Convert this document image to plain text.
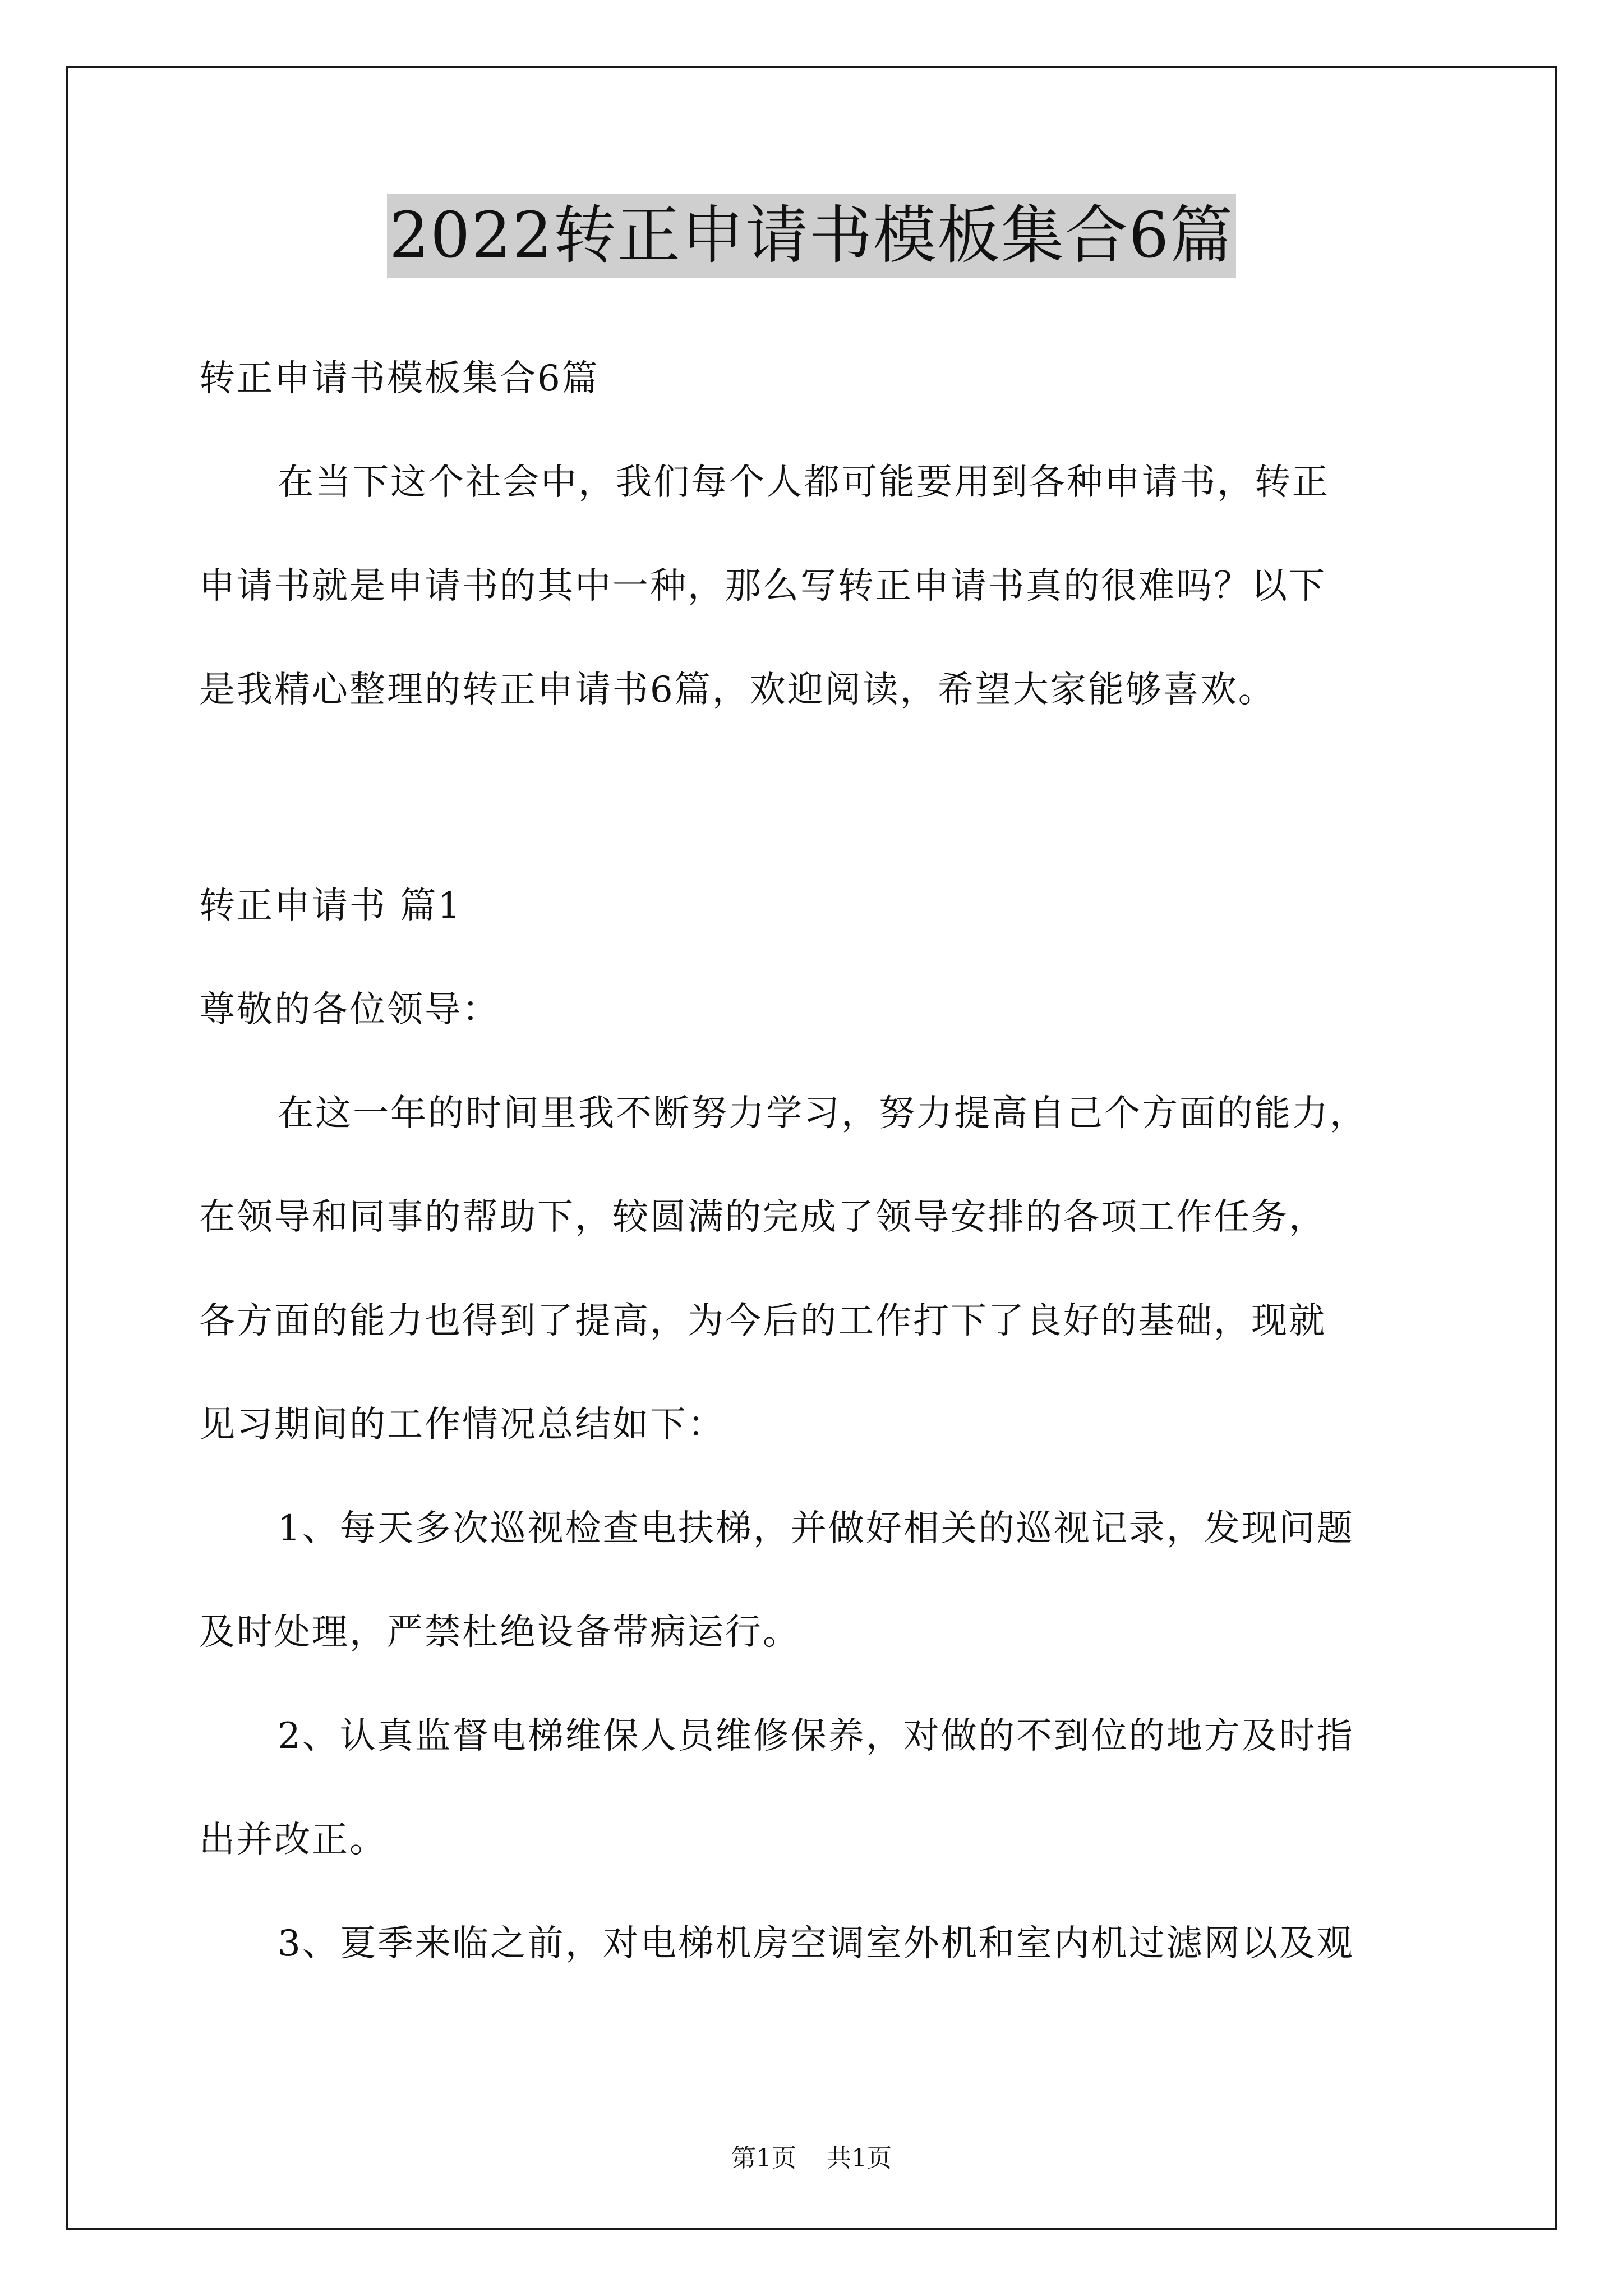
2022转正申请书模板集合6篇
转正申请书模板集合6篇
在当下这个社会中，我们每个人都可能要用到各种申请书，转正
申请书就是申请书的其中一种，那么写转正申请书真的很难吗？以下
是我精心整理的转正申请书6篇，欢迎阅读，希望大家能够喜欢。
转正申请书 篇1
尊敬的各位领导：
在这一年的时间里我不断努力学习，努力提高自己个方面的能力，
在领导和同事的帮助下，较圆满的完成了领导安排的各项工作任务，
各方面的能力也得到了提高，为今后的工作打下了良好的基础，现就
见习期间的工作情况总结如下：
1、每天多次巡视检查电扶梯，并做好相关的巡视记录，发现问题
及时处理，严禁杜绝设备带病运行。
2、认真监督电梯维保人员维修保养，对做的不到位的地方及时指
出并改正。
3、夏季来临之前，对电梯机房空调室外机和室内机过滤网以及观
第1页 共1页
